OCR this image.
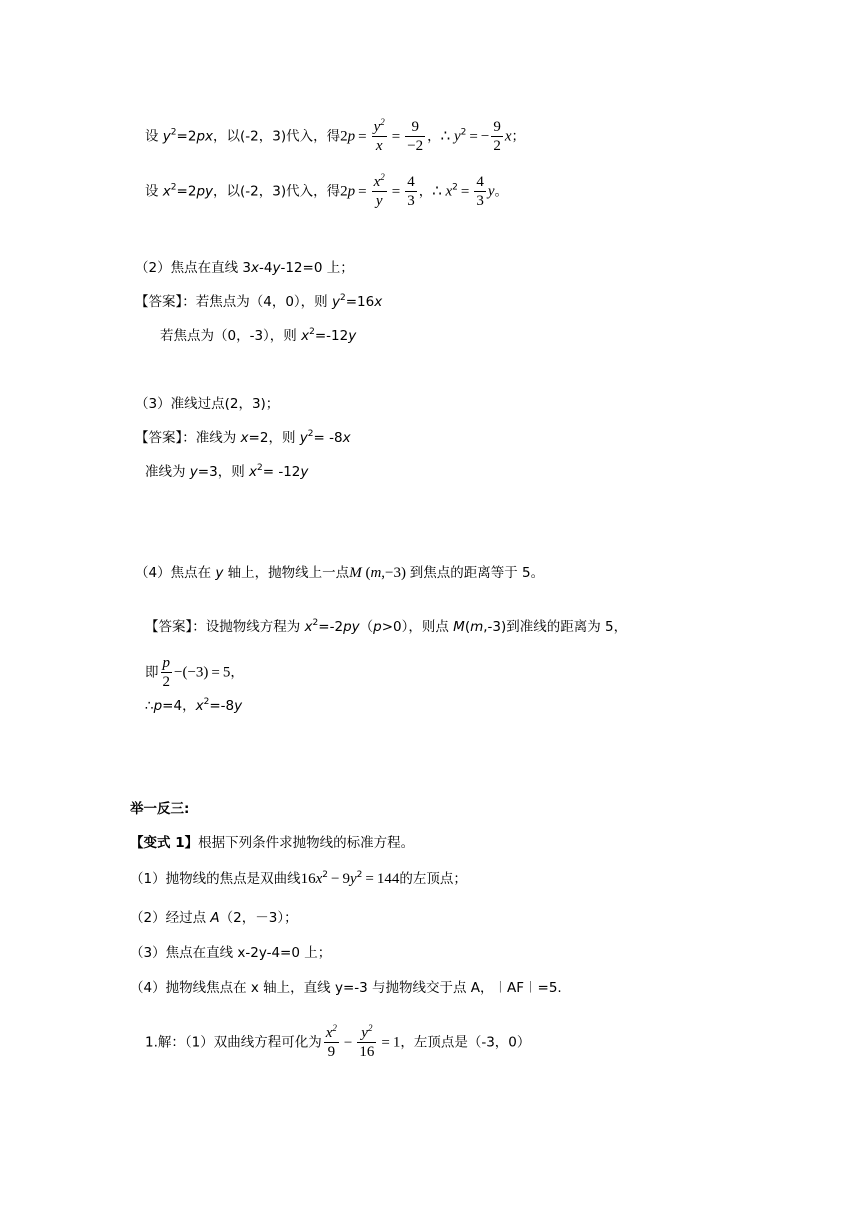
设 $y^2=2px$，以(-2，3)代入，得$2p = \frac{y^2}{x} = \frac{9}{-2}$ ，∴ $y^2$ = − $\frac{9}{2}$ x；
设 $x^2=2py$，以(-2，3)代入，得$2p = \frac{x^2}{y} = \frac{4}{3}$ ，∴ $x^2 = \frac{4}{3}$ y。
（2）焦点在直线 3x-4y-12=0 上；
【答案】：若焦点为（4，0），则 $y^2=16x$
若焦点为（0，-3），则 $x^2=-12y$
（3）准线过点(2，3)；
【答案】：准线为 x=2，则 $y^2= -8x$
准线为 y=3，则 $x^2= -12y$
（4）焦点在 y 轴上，抛物线上一点M (m,−3) 到焦点的距离等于 5。
【答案】：设抛物线方程为 $x^2=-2py(p>0)$，则点 M(m,-3)到准线的距离为 5，
即 $\frac{p}{2} -(-3) = 5$，
∴p=4，$x^2=-8y$
举一反三:
【变式 1】根据下列条件求抛物线的标准方程。
（1）抛物线的焦点是双曲线$16x^2 - 9y^2 = 144$的左顶点；
（2）经过点 A（2，－3）；
（3）焦点在直线 x-2y-4=0 上；
（4）抛物线焦点在 x 轴上，直线 y=-3 与抛物线交于点 A，︱AF︱=5.
1.解：（1）双曲线方程可化为 $\frac{x^2}{9} - \frac{y^2}{16} = 1$，左顶点是（-3，0）
